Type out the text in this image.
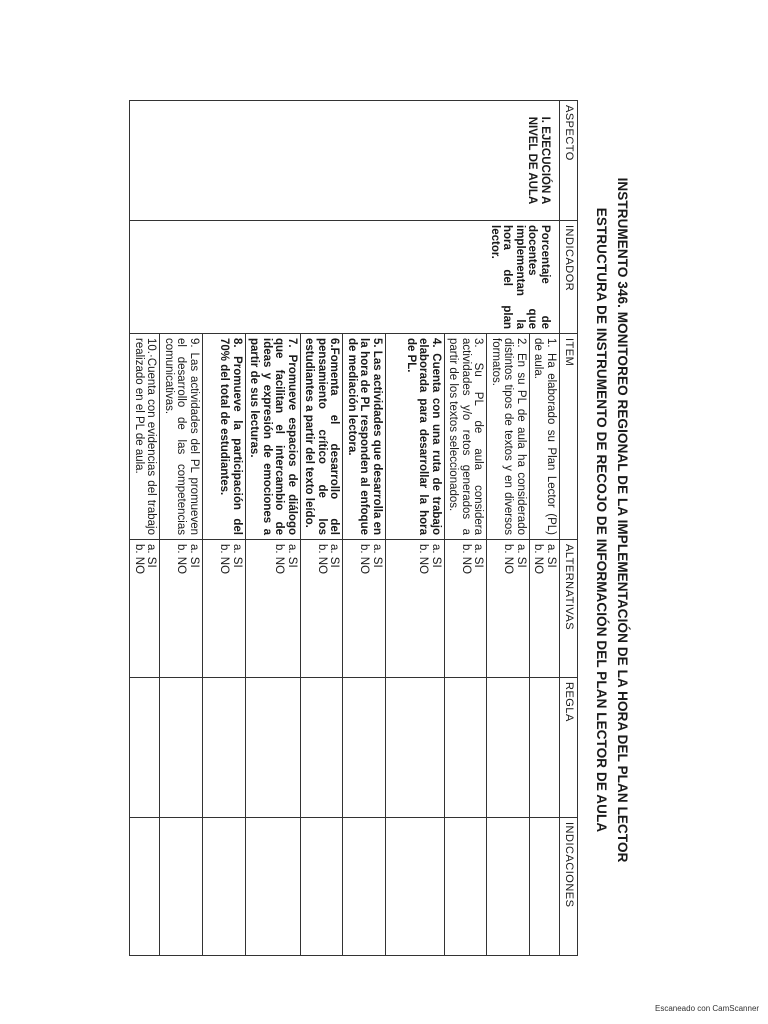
INSTRUMENTO 346. MONITOREO REGIONAL DE LA IMPLEMENTACIÓN DE LA HORA DEL PLAN LECTOR
ESTRUCTURA DE INSTRUMENTO DE RECOJO DE INFORMACIÓN DEL PLAN LECTOR DE AULA
ASPECTO	INDICADOR	ITEM	ALTERNATIVAS	REGLA	INDICACIONES
I. EJECUCIÓN A NIVEL DE AULA	Porcentaje de docentes que implementan la hora del plan lector.	1. Ha elaborado su Plan Lector (PL) de aula.	a. SI
b. NO		

		2. En su PL de aula ha considerado distintos tipos de textos y en diversos formatos.	a. SI
b. NO		

		3. Su PL de aula considera actividades y/o retos generados a partir de los textos seleccionados.	a. SI
b. NO		

		4. Cuenta con una ruta de trabajo elaborada para desarrollar la hora de PL.	a. SI
b. NO		

		5. Las actividades que desarrolla en la hora de PL responden al enfoque de mediación lectora.	a. SI
b. NO		

		6.Fomenta el desarrollo del pensamiento crítico de los estudiantes a partir del texto leído.	a. SI
b. NO		

		7. Promueve espacios de diálogo que facilitan el intercambio de ideas y expresión de emociones a partir de sus lecturas.	a. SI
b. NO		

		8. Promueve la participación del 70% del total de estudiantes.	a. SI
b. NO		

		9. Las actividades del PL promueven el desarrollo de las competencias comunicativas.	a. SI
b. NO		

		10.·Cuenta con evidencias del trabajo realizado en el PL de aula.	a. SI
b. NO		

Escaneado con CamScanner
